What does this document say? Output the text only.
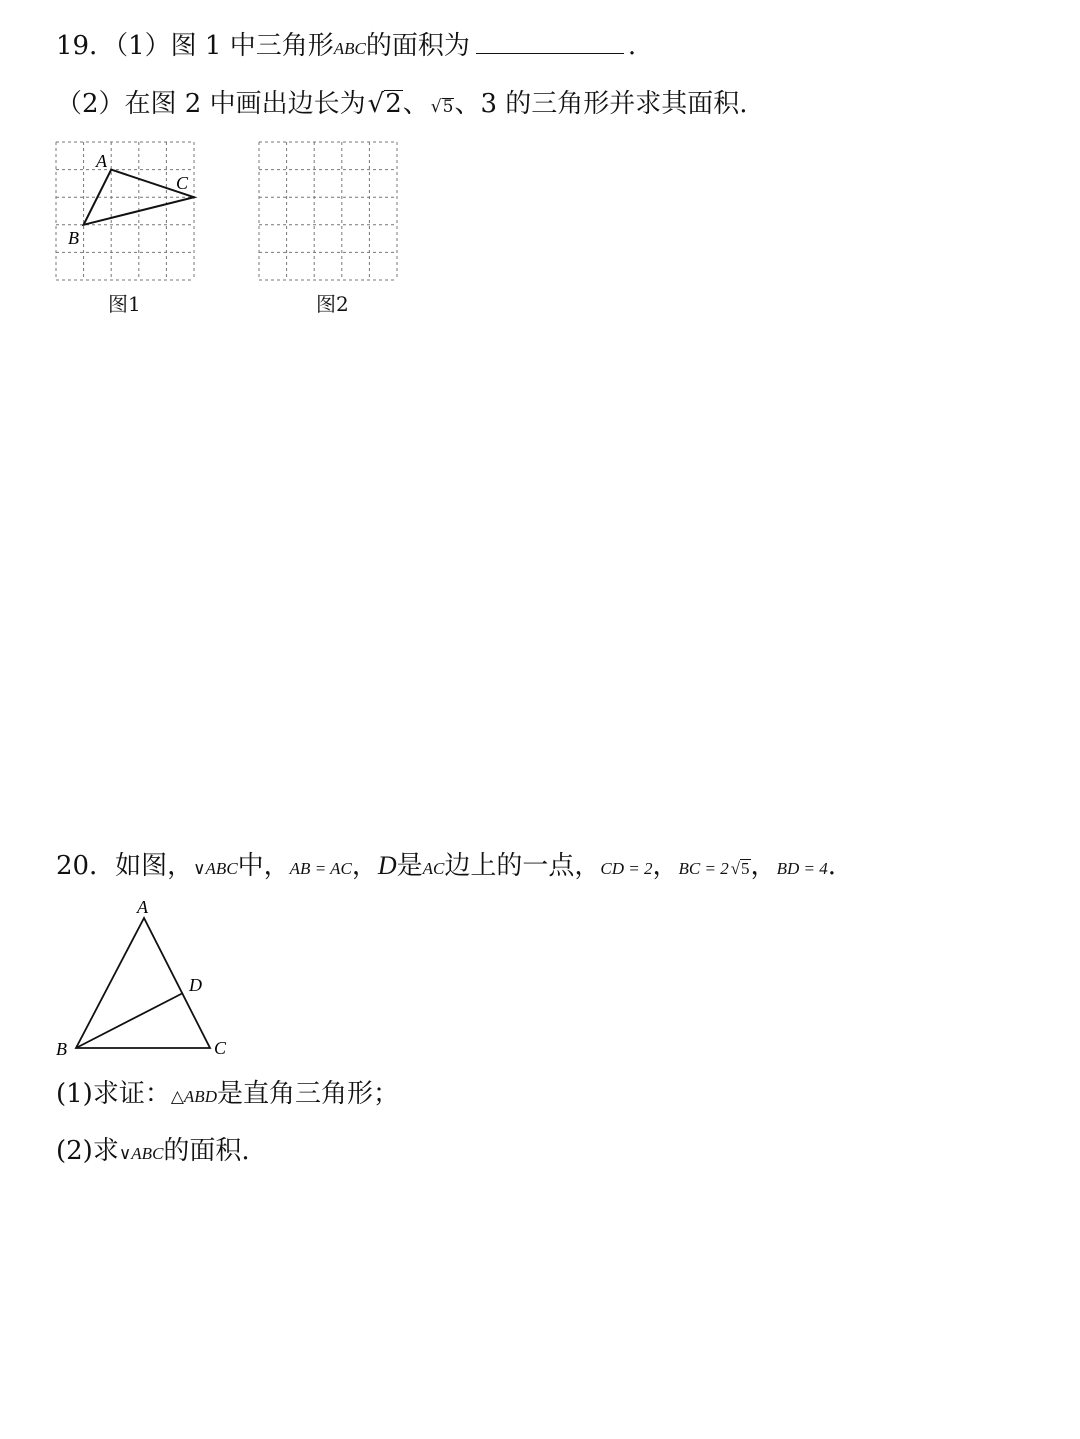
19．（1）图 1 中三角形ABC的面积为	.
（2）在图 2 中画出边长为√2、 √5、3 的三角形并求其面积.
A
B
C
图1	图2
20．如图，∨ABC中，AB = AC，D是AC边上的一点，CD = 2，BC = 2 √5，BD = 4.
A
B	C
D
(1)求证：△ABD是直角三角形；
(2)求∨ABC的面积.
